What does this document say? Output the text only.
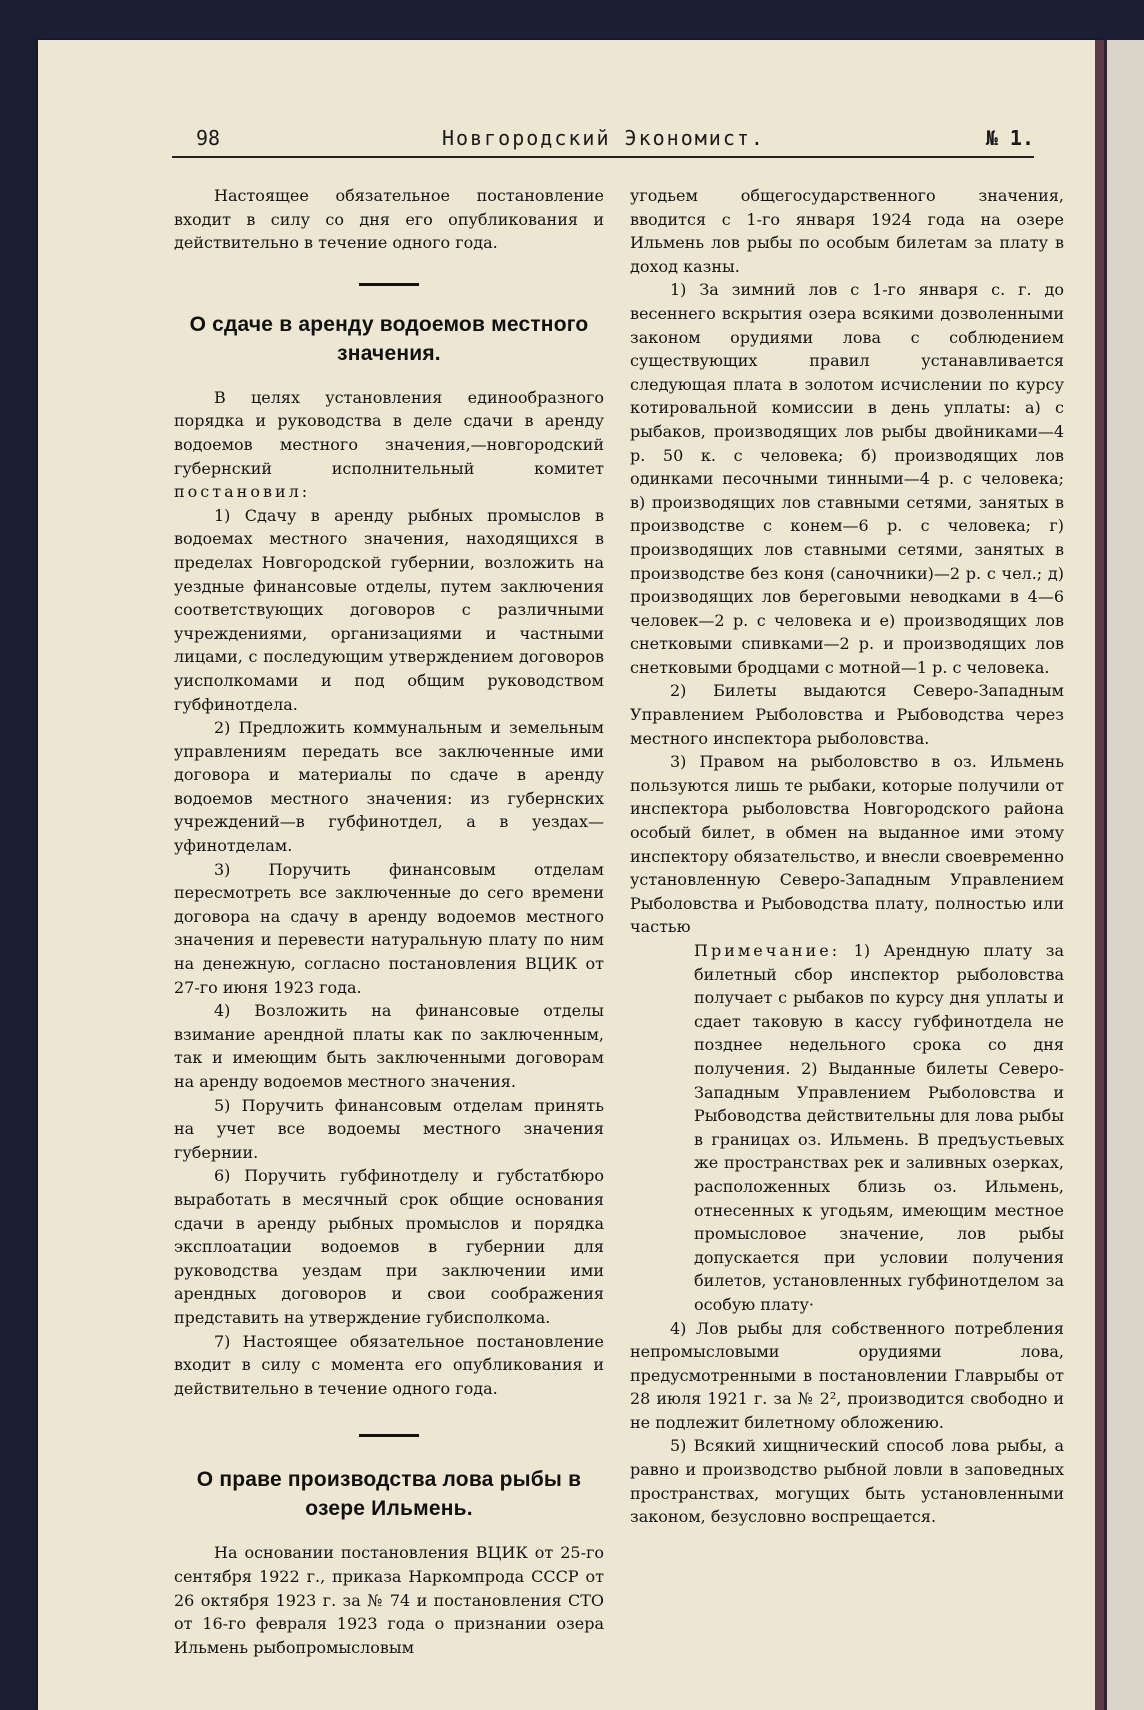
98	Новгородский Экономист.	№ 1.

Настоящее обязательное постановление входит в силу со дня его опубликования и действительно в течение одного года.

О сдаче в аренду водоемов местного значения.

В целях установления единообразного порядка и руководства в деле сдачи в аренду водоемов местного значения,—новгородский губернский исполнительный комитет постановил:

1) Сдачу в аренду рыбных промыслов в водоемах местного значения, находящихся в пределах Новгородской губернии, возложить на уездные финансовые отделы, путем заключения соответствующих договоров с различными учреждениями, организациями и частными лицами, с последующим утверждением договоров уисполкомами и под общим руководством губфинотдела.

2) Предложить коммунальным и земельным управлениям передать все заключенные ими договора и материалы по сдаче в аренду водоемов местного значения: из губернских учреждений—в губфинотдел, а в уездах—уфинотделам.

3) Поручить финансовым отделам пересмотреть все заключенные до сего времени договора на сдачу в аренду водоемов местного значения и перевести натуральную плату по ним на денежную, согласно постановления ВЦИК от 27-го июня 1923 года.

4) Возложить на финансовые отделы взимание арендной платы как по заключенным, так и имеющим быть заключенными договорам на аренду водоемов местного значения.

5) Поручить финансовым отделам принять на учет все водоемы местного значения губернии.

6) Поручить губфинотделу и губстатбюро выработать в месячный срок общие основания сдачи в аренду рыбных промыслов и порядка эксплоатации водоемов в губернии для руководства уездам при заключении ими арендных договоров и свои соображения представить на утверждение губисполкома.

7) Настоящее обязательное постановление входит в силу с момента его опубликования и действительно в течение одного года.

О праве производства лова рыбы в озере Ильмень.

На основании постановления ВЦИК от 25-го сентября 1922 г., приказа Наркомпрода СССР от 26 октября 1923 г. за № 74 и постановления СТО от 16-го февраля 1923 года о признании озера Ильмень рыбопромысловым

угодьем общегосударственного значения, вводится с 1-го января 1924 года на озере Ильмень лов рыбы по особым билетам за плату в доход казны.

1) За зимний лов с 1-го января с. г. до весеннего вскрытия озера всякими дозволенными законом орудиями лова с соблюдением существующих правил устанавливается следующая плата в золотом исчислении по курсу котировальной комиссии в день уплаты: а) с рыбаков, производящих лов рыбы двойниками—4 р. 50 к. с человека; б) производящих лов одинками песочными тинными—4 р. с человека; в) производящих лов ставными сетями, занятых в производстве с конем—6 р. с человека; г) производящих лов ставными сетями, занятых в производстве без коня (саночники)—2 р. с чел.; д) производящих лов береговыми неводками в 4—6 человек—2 р. с человека и е) производящих лов снетковыми спивками—2 р. и производящих лов снетковыми бродцами с мотной—1 р. с человека.

2) Билеты выдаются Северо-Западным Управлением Рыболовства и Рыбоводства через местного инспектора рыболовства.

3) Правом на рыболовство в оз. Ильмень пользуются лишь те рыбаки, которые получили от инспектора рыболовства Новгородского района особый билет, в обмен на выданное ими этому инспектору обязательство, и внесли своевременно установленную Северо-Западным Управлением Рыболовства и Рыбоводства плату, полностью или частью

Примечание: 1) Арендную плату за билетный сбор инспектор рыболовства получает с рыбаков по курсу дня уплаты и сдает таковую в кассу губфинотдела не позднее недельного срока со дня получения. 2) Выданные билеты Северо-Западным Управлением Рыболовства и Рыбоводства действительны для лова рыбы в границах оз. Ильмень. В предъустьевых же пространствах рек и заливных озерках, расположенных близь оз. Ильмень, отнесенных к угодьям, имеющим местное промысловое значение, лов рыбы допускается при условии получения билетов, установленных губфинотделом за особую плату·

4) Лов рыбы для собственного потребления непромысловыми орудиями лова, предусмотренными в постановлении Главрыбы от 28 июля 1921 г. за № 2², производится свободно и не подлежит билетному обложению.

5) Всякий хищнический способ лова рыбы, а равно и производство рыбной ловли в заповедных пространствах, могущих быть установленными законом, безусловно воспрещается.
